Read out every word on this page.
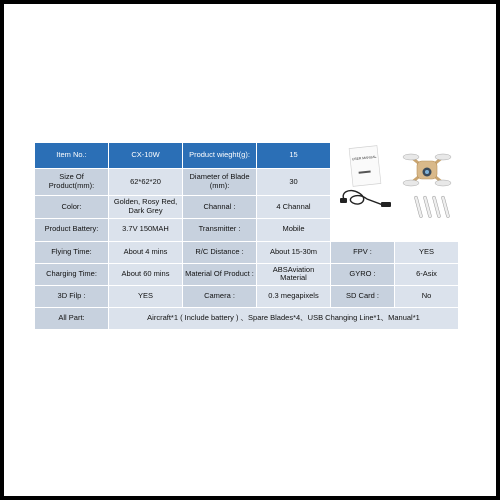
Item No.:	CX-10W	Product wieght(g):	15	USER MANUAL	

Size Of Product(mm):	62*62*20	Diameter of Blade (mm):	30		
Color:	Golden, Rosy Red, Dark Grey	Channal :	4 Channal		
Product Battery:	3.7V 150MAH	Transmitter :	Mobile		
Flying Time:	About 4 mins	R/C Distance :	About 15-30m	FPV :	YES
Charging Time:	About 60 mins	Material Of Product :	ABSAviation Material	GYRO :	6-Asix
3D Filp :	YES	Camera :	0.3 megapixels	SD Card :	No
All Part:	Aircraft*1 ( Include battery ) 、Spare Blades*4、USB Changing Line*1、Manual*1				
